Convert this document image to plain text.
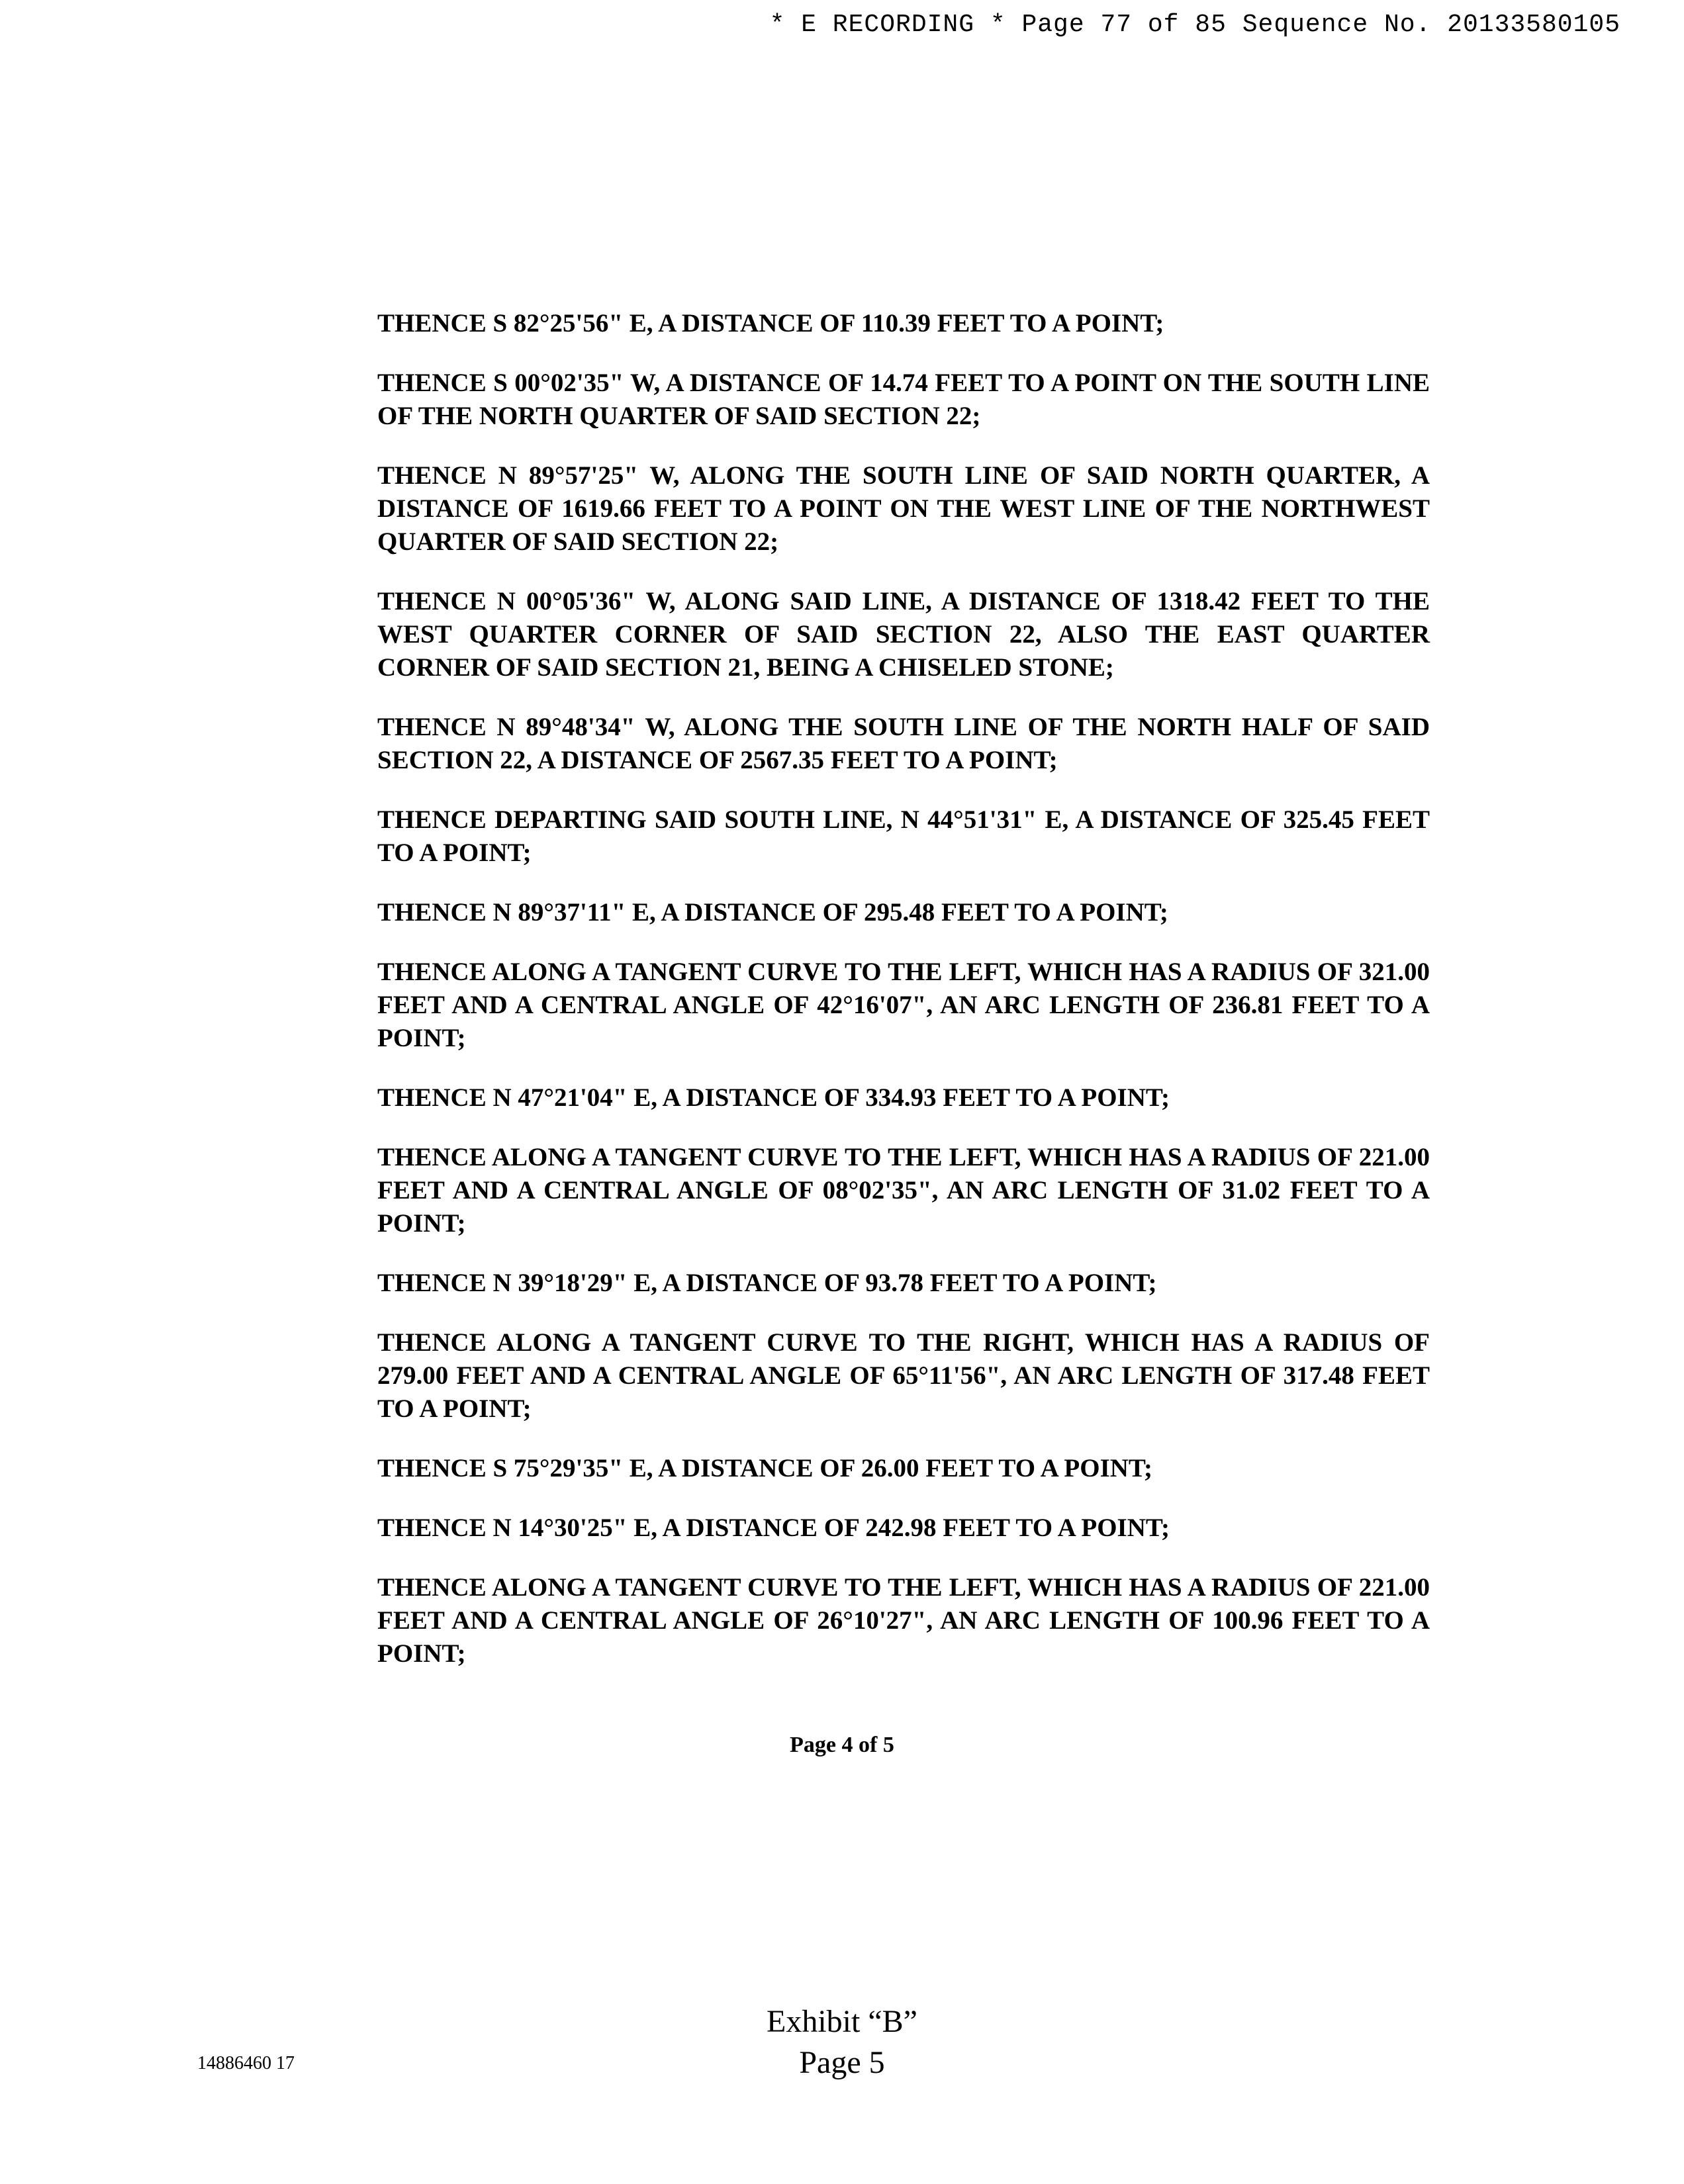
* E RECORDING * Page 77 of 85 Sequence No. 20133580105

THENCE S 82°25'56" E, A DISTANCE OF 110.39 FEET TO A POINT;

THENCE S 00°02'35" W, A DISTANCE OF 14.74 FEET TO A POINT ON THE SOUTH LINE OF THE NORTH QUARTER OF SAID SECTION 22;

THENCE N 89°57'25" W, ALONG THE SOUTH LINE OF SAID NORTH QUARTER, A DISTANCE OF 1619.66 FEET TO A POINT ON THE WEST LINE OF THE NORTHWEST QUARTER OF SAID SECTION 22;

THENCE N 00°05'36" W, ALONG SAID LINE, A DISTANCE OF 1318.42 FEET TO THE WEST QUARTER CORNER OF SAID SECTION 22, ALSO THE EAST QUARTER CORNER OF SAID SECTION 21, BEING A CHISELED STONE;

THENCE N 89°48'34" W, ALONG THE SOUTH LINE OF THE NORTH HALF OF SAID SECTION 22, A DISTANCE OF 2567.35 FEET TO A POINT;

THENCE DEPARTING SAID SOUTH LINE, N 44°51'31" E, A DISTANCE OF 325.45 FEET TO A POINT;

THENCE N 89°37'11" E, A DISTANCE OF 295.48 FEET TO A POINT;

THENCE ALONG A TANGENT CURVE TO THE LEFT, WHICH HAS A RADIUS OF 321.00 FEET AND A CENTRAL ANGLE OF 42°16'07", AN ARC LENGTH OF 236.81 FEET TO A POINT;

THENCE N 47°21'04" E, A DISTANCE OF 334.93 FEET TO A POINT;

THENCE ALONG A TANGENT CURVE TO THE LEFT, WHICH HAS A RADIUS OF 221.00 FEET AND A CENTRAL ANGLE OF 08°02'35", AN ARC LENGTH OF 31.02 FEET TO A POINT;

THENCE N 39°18'29" E, A DISTANCE OF 93.78 FEET TO A POINT;

THENCE ALONG A TANGENT CURVE TO THE RIGHT, WHICH HAS A RADIUS OF 279.00 FEET AND A CENTRAL ANGLE OF 65°11'56", AN ARC LENGTH OF 317.48 FEET TO A POINT;

THENCE S 75°29'35" E, A DISTANCE OF 26.00 FEET TO A POINT;

THENCE N 14°30'25" E, A DISTANCE OF 242.98 FEET TO A POINT;

THENCE ALONG A TANGENT CURVE TO THE LEFT, WHICH HAS A RADIUS OF 221.00 FEET AND A CENTRAL ANGLE OF 26°10'27", AN ARC LENGTH OF 100.96 FEET TO A POINT;

Page 4 of 5
Exhibit “B”
Page 5
14886460 17
